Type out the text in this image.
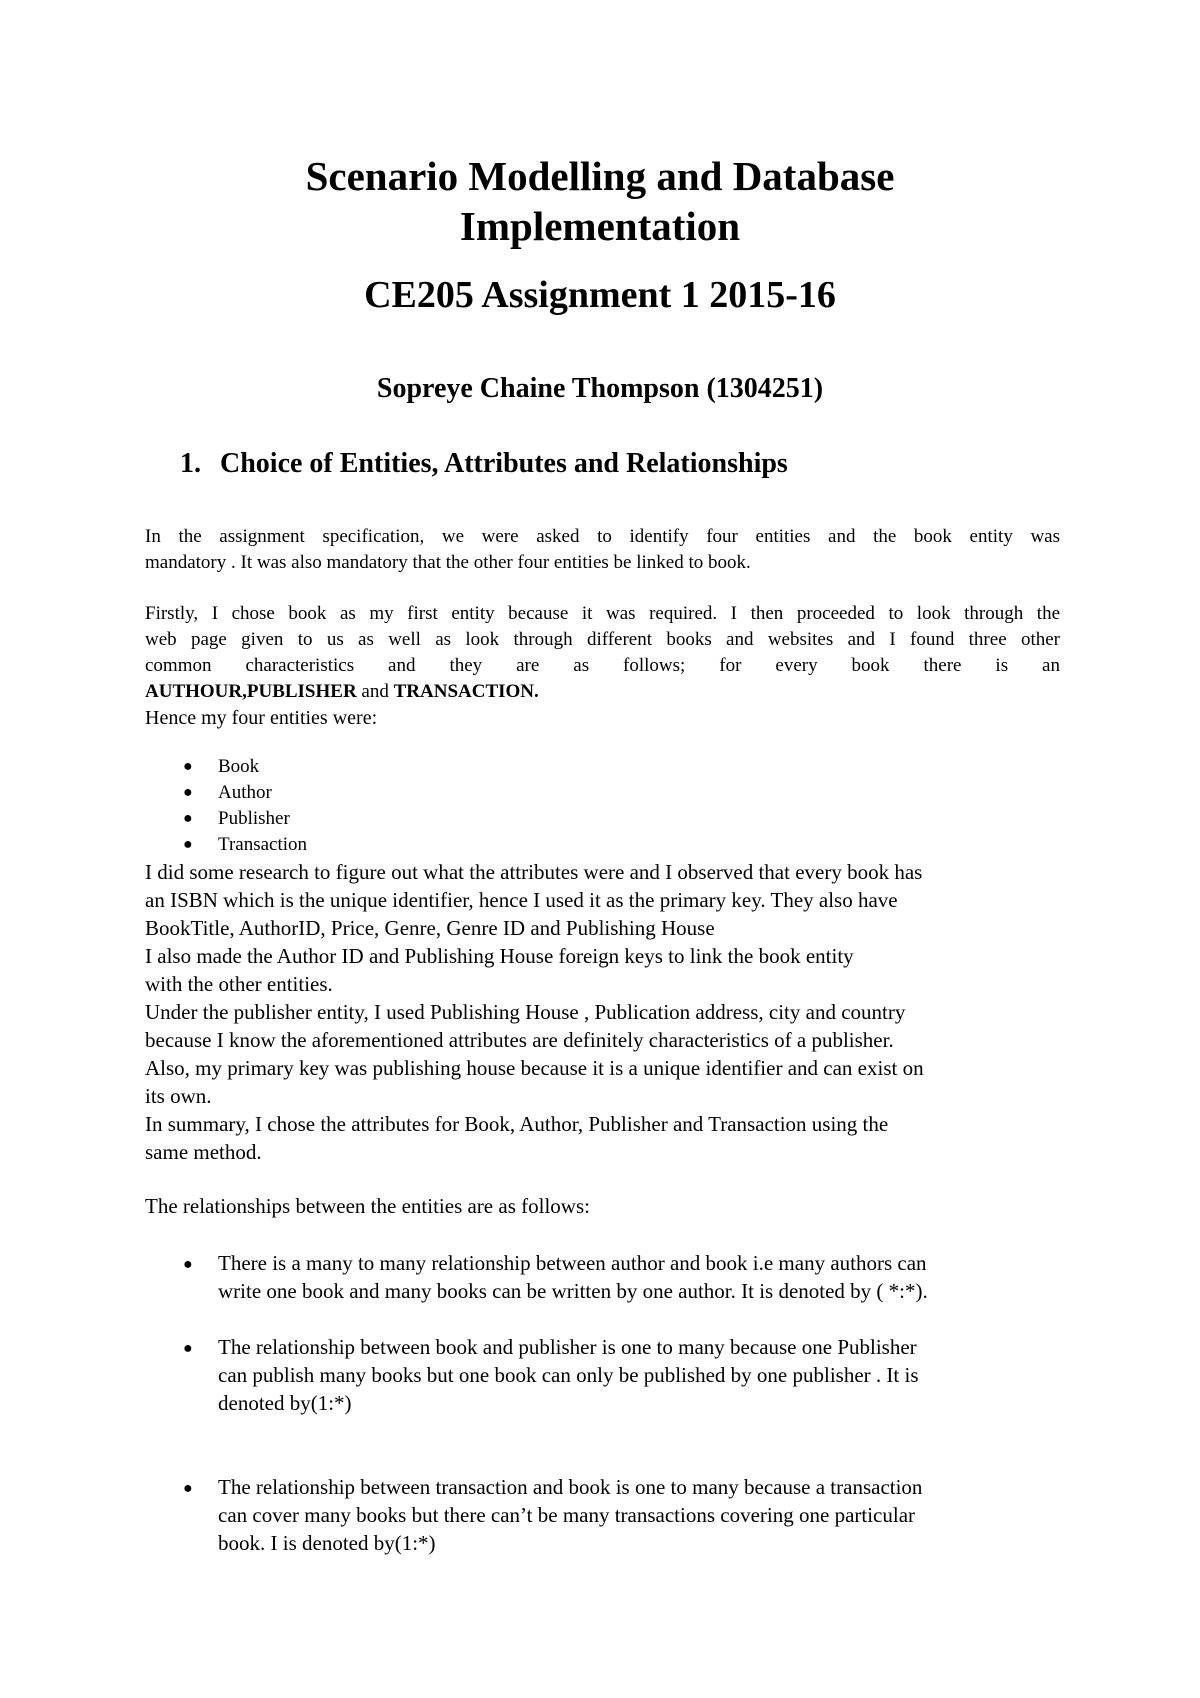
Scenario Modelling and Database
Implementation
CE205 Assignment 1 2015-16
Sopreye Chaine Thompson (1304251)
1. Choice of Entities, Attributes and Relationships
In the assignment specification, we were asked to identify four entities and the book entity was
mandatory . It was also mandatory that the other four entities be linked to book.
Firstly, I chose book as my first entity because it was required. I then proceeded to look through the
web page given to us as well as look through different books and websites and I found three other
common characteristics and they are as follows; for every book there is an
AUTHOUR,PUBLISHER and TRANSACTION.
Hence my four entities were:
● Book
● Author
● Publisher
● Transaction
I did some research to figure out what the attributes were and I observed that every book has
an ISBN which is the unique identifier, hence I used it as the primary key. They also have
BookTitle, AuthorID, Price, Genre, Genre ID and Publishing House
I also made the Author ID and Publishing House foreign keys to link the book entity
with the other entities.
Under the publisher entity, I used Publishing House , Publication address, city and country
because I know the aforementioned attributes are definitely characteristics of a publisher.
Also, my primary key was publishing house because it is a unique identifier and can exist on
its own.
In summary, I chose the attributes for Book, Author, Publisher and Transaction using the
same method.
The relationships between the entities are as follows:
● There is a many to many relationship between author and book i.e many authors can
write one book and many books can be written by one author. It is denoted by ( *:*).
● The relationship between book and publisher is one to many because one Publisher
can publish many books but one book can only be published by one publisher . It is
denoted by(1:*)
● The relationship between transaction and book is one to many because a transaction
can cover many books but there can’t be many transactions covering one particular
book. I is denoted by(1:*)
